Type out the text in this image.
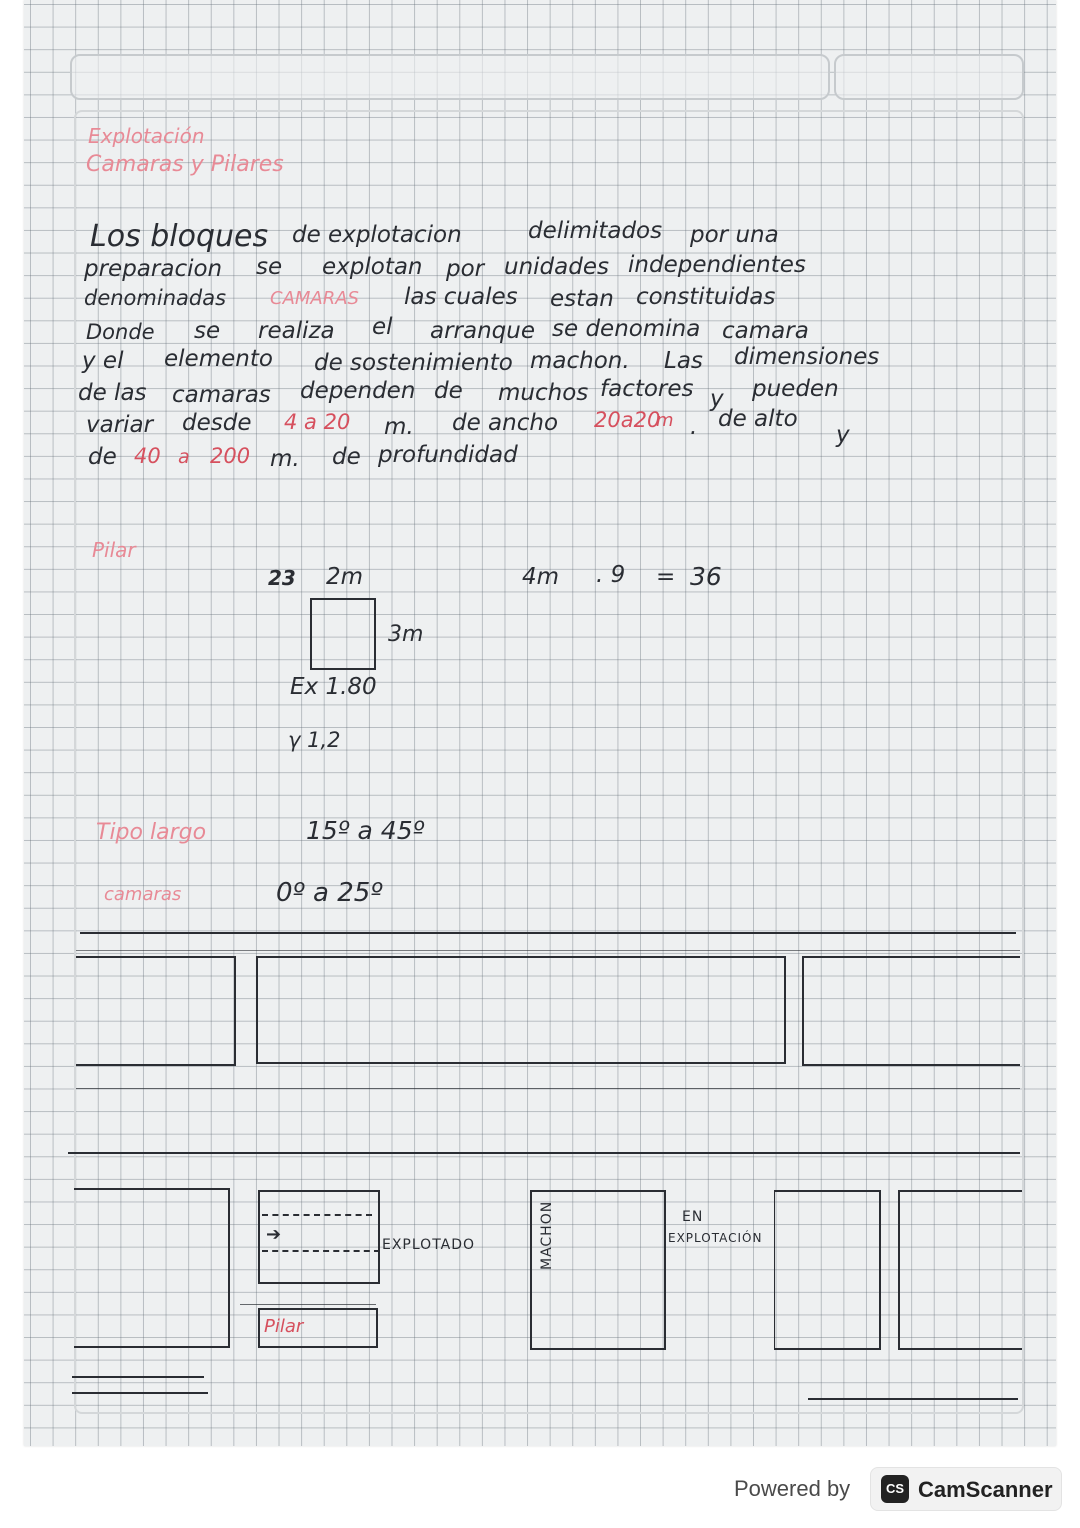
Explotación
Camaras y Pilares
Los bloques de explotacion	delimitados por una
preparacion se explotan por unidades independientes
denominadas CAMARAS las cuales estan constituidas
Donde se realiza el arranque se denomina camara
y el elemento de sostenimiento machon. Las dimensiones
de las camaras dependen de muchos factores y pueden
variar desde 4 a 20 m. de ancho 20a20
m . de alto
y
de 40 a 200 m. de profundidad
Pilar
23 2m
3m
Ex 1.80
γ 1,2
4m . 9 = 36
Tipo largo	15º a 45º
camaras	0º a 25º
➔	EXPLOTADO
Pilar
MACHON	EN
EXPLOTACIÓN
Powered by	CS CamScanner
